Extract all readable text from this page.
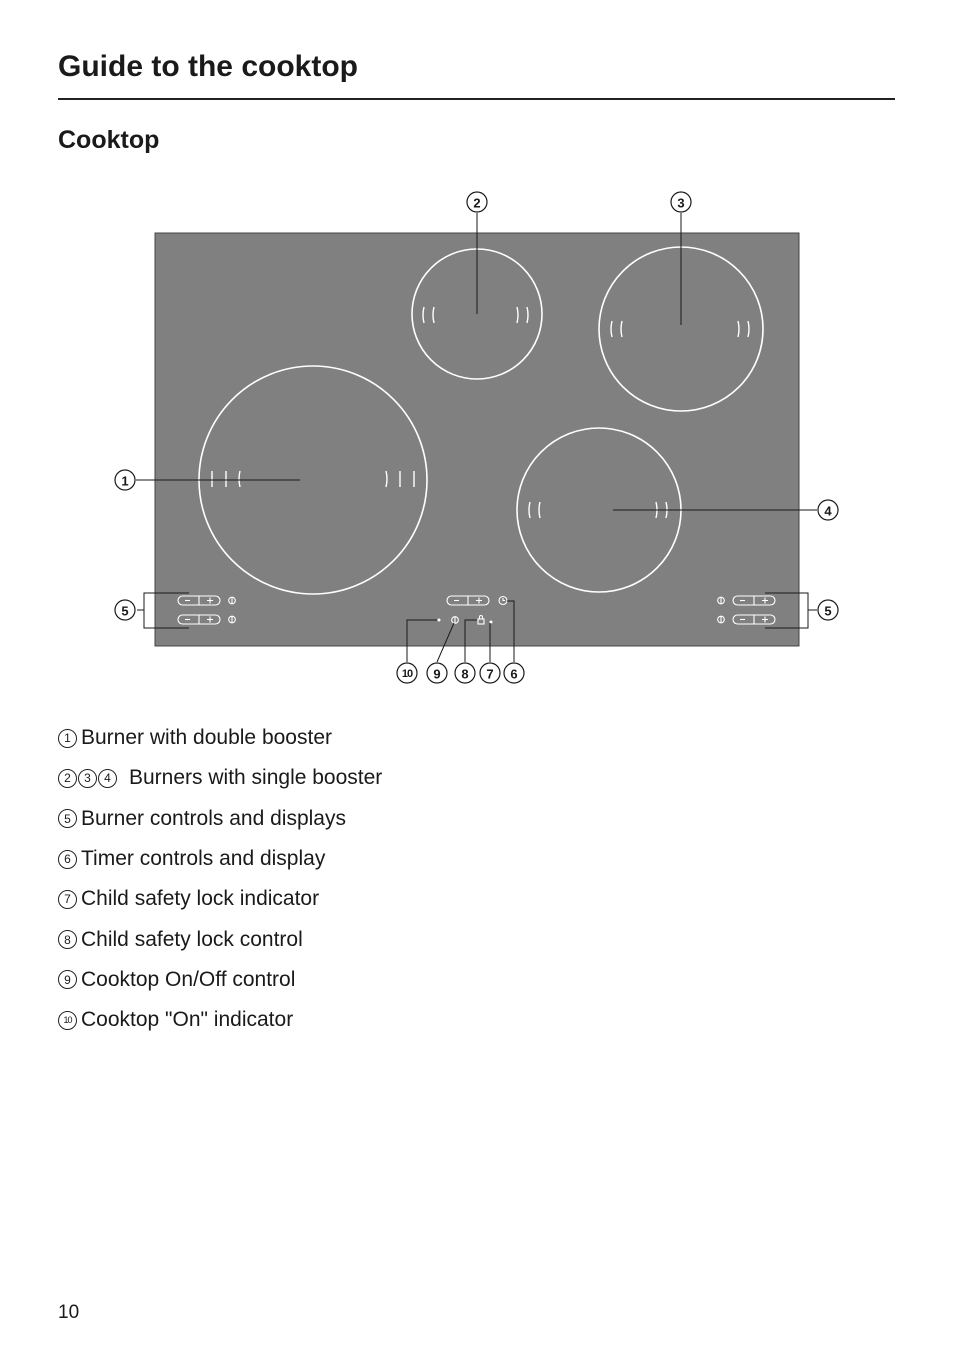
Guide to the cooktop
Cooktop
1
2	3
4
5	5
10 9 8 7 6
1 Burner with double booster
2	3	4 Burners with single booster
5 Burner controls and displays
6 Timer controls and display
7 Child safety lock indicator
8 Child safety lock control
9 Cooktop On/Off control
10 Cooktop "On" indicator
10
